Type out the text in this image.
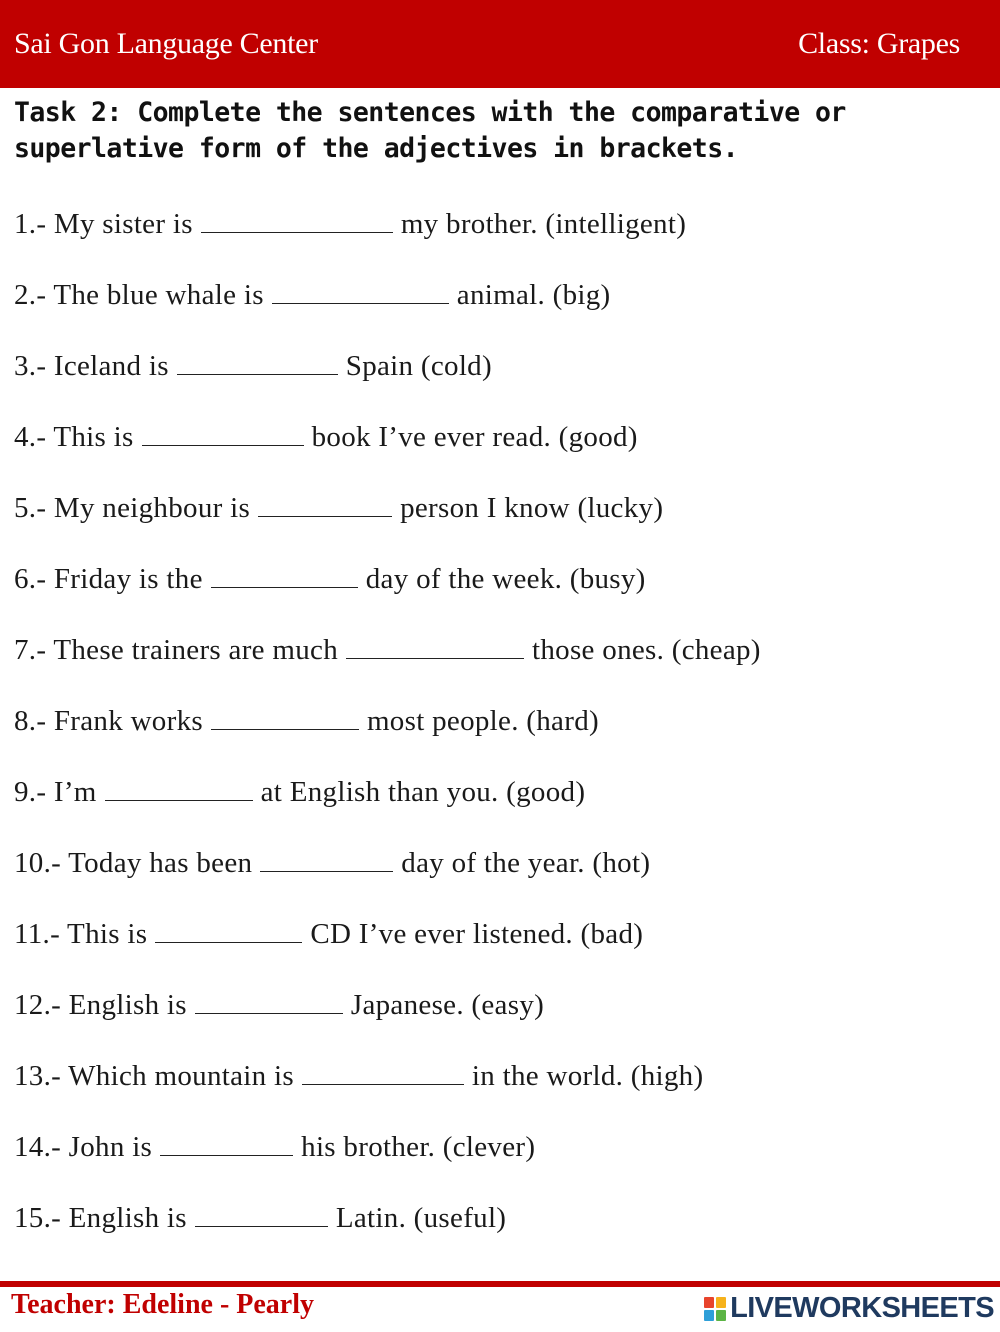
Sai Gon Language Center	Class: Grapes
Task 2: Complete the sentences with the comparative or superlative form of the adjectives in brackets.
1.- My sister is	my brother. (intelligent)
2.- The blue whale is	animal. (big)
3.- Iceland is	Spain (cold)
4.- This is	book I’ve ever read. (good)
5.- My neighbour is	person I know (lucky)
6.- Friday is the	day of the week. (busy)
7.- These trainers are much	those ones. (cheap)
8.- Frank works	most people. (hard)
9.- I’m	at English than you. (good)
10.- Today has been	day of the year. (hot)
11.- This is	CD I’ve ever listened. (bad)
12.- English is	Japanese. (easy)
13.- Which mountain is	in the world. (high)
14.- John is	his brother. (clever)
15.- English is	Latin. (useful)
Teacher: Edeline - Pearly	LIVEWORKSHEETS
